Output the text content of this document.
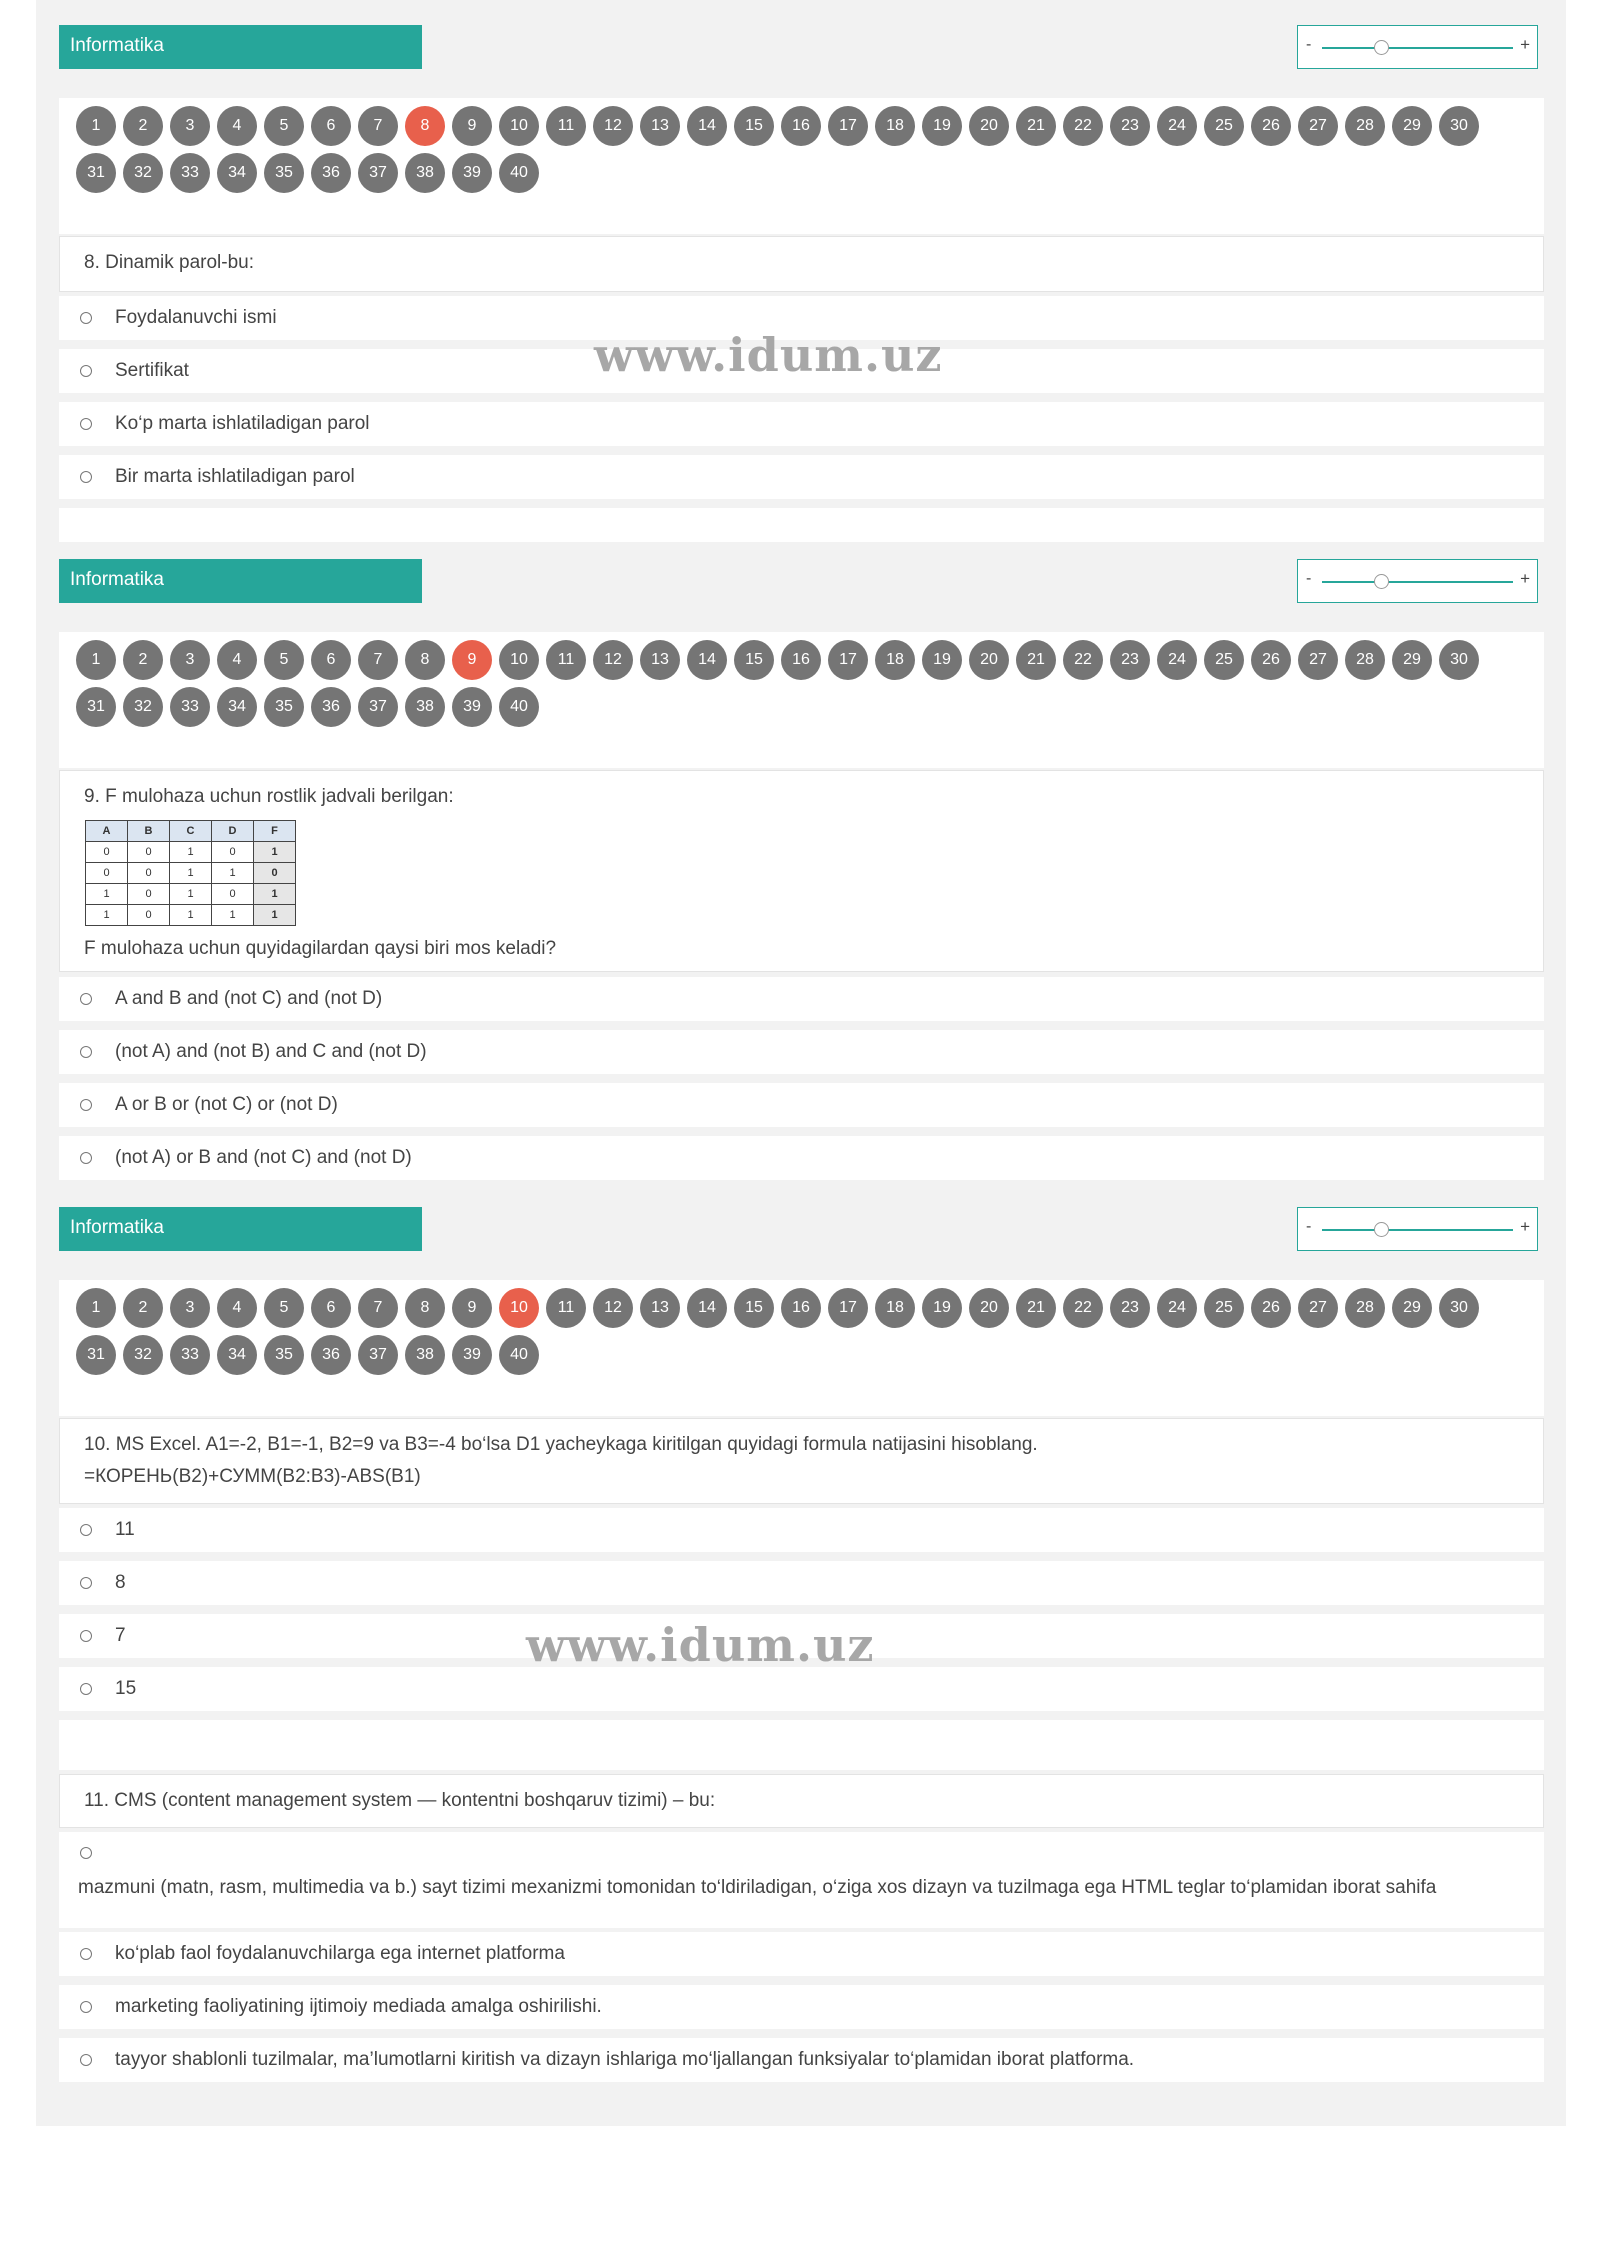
Informatika	-	+
1	2	3	4	5	6	7	8	9	10	11	12	13	14	15	16	17	18	19	20	21	22	23	24	25	26	27	28	29	30
31	32	33	34	35	36	37	38	39	40
8. Dinamik parol-bu:
Foydalanuvchi ismi
Sertifikat
Ko‘p marta ishlatiladigan parol
Bir marta ishlatiladigan parol
www.idum.uz
Informatika	-	+
1	2	3	4	5	6	7	8	9	10	11	12	13	14	15	16	17	18	19	20	21	22	23	24	25	26	27	28	29	30
31	32	33	34	35	36	37	38	39	40
9. F mulohaza uchun rostlik jadvali berilgan:
A	B	C	D	F
0	0	1	0	1
0	0	1	1	0
1	0	1	0	1
1	0	1	1	1
F mulohaza uchun quyidagilardan qaysi biri mos keladi?
A and B and (not C) and (not D)
(not A) and (not B) and C and (not D)
A or B or (not C) or (not D)
(not A) or B and (not C) and (not D)
Informatika	-	+
1	2	3	4	5	6	7	8	9	10	11	12	13	14	15	16	17	18	19	20	21	22	23	24	25	26	27	28	29	30
31	32	33	34	35	36	37	38	39	40
10. MS Excel. A1=-2, B1=-1, B2=9 va B3=-4 bo‘lsa D1 yacheykaga kiritilgan quyidagi formula natijasini hisoblang.
=КОРЕНЬ(B2)+СУММ(B2:B3)-ABS(B1)
11
8
7
15
11. CMS (content management system — kontentni boshqaruv tizimi) – bu:
mazmuni (matn, rasm, multimedia va b.) sayt tizimi mexanizmi tomonidan to‘ldiriladigan, o‘ziga xos dizayn va tuzilmaga ega HTML teglar to‘plamidan iborat sahifa
ko‘plab faol foydalanuvchilarga ega internet platforma
marketing faoliyatining ijtimoiy mediada amalga oshirilishi.
tayyor shablonli tuzilmalar, ma’lumotlarni kiritish va dizayn ishlariga mo‘ljallangan funksiyalar to‘plamidan iborat platforma.
www.idum.uz
